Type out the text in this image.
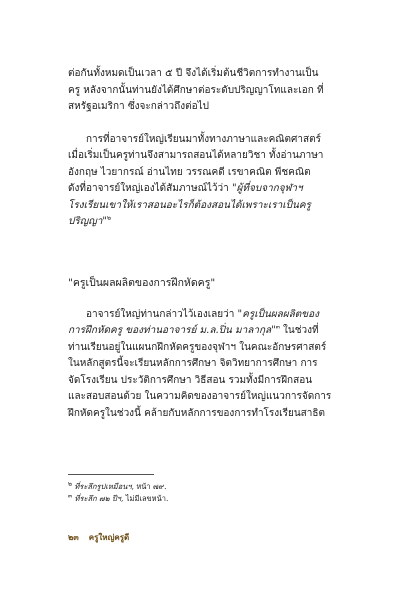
ต่อกันทั้งหมดเป็นเวลา ๕ ปี จึงได้เริ่มต้นชีวิตการทำงานเป็น
ครู หลังจากนั้นท่านยังได้ศึกษาต่อระดับปริญญาโทและเอก ที่
สหรัฐอเมริกา ซึ่งจะกล่าวถึงต่อไป

การที่อาจารย์ใหญ่เรียนมาทั้งทางภาษาและคณิตศาสตร์
เมื่อเริ่มเป็นครูท่านจึงสามารถสอนได้หลายวิชา ทั้งอ่านภาษา
อังกฤษ ไวยากรณ์ อ่านไทย วรรณคดี เรขาคณิต พีชคณิต
ดังที่อาจารย์ใหญ่เองได้สัมภาษณ์ไว้ว่า "ผู้ที่จบจากจุฬาฯ
โรงเรียนเขาให้เราสอนอะไรก็ต้องสอนได้เพราะเราเป็นครู
ปริญญา"$^๒$

"ครูเป็นผลผลิตของการฝึกหัดครู"

อาจารย์ใหญ่ท่านกล่าวไว้เองเลยว่า "ครูเป็นผลผลิตของ
การฝึกหัดครู ของท่านอาจารย์ ม.ล.ปิ่น มาลากุล"$^๓$ ในช่วงที่
ท่านเรียนอยู่ในแผนกฝึกหัดครูของจุฬาฯ ในคณะอักษรศาสตร์
ในหลักสูตรนี้จะเรียนหลักการศึกษา จิตวิทยาการศึกษา การ
จัดโรงเรียน ประวัติการศึกษา วิธีสอน รวมทั้งมีการฝึกสอน
และสอบสอนด้วย ในความคิดของอาจารย์ใหญ่แนวการจัดการ
ฝึกหัดครูในช่วงนี้ คล้ายกับหลักการของการทำโรงเรียนสาธิต

$^๒$ ที่ระลึกรูปเหมือนฯ, หน้า ๗๙.

$^๓$ ที่ระลึก ๗๒ ปีฯ, ไม่มีเลขหน้า.

๒๓ ครูใหญ่ครูดี
